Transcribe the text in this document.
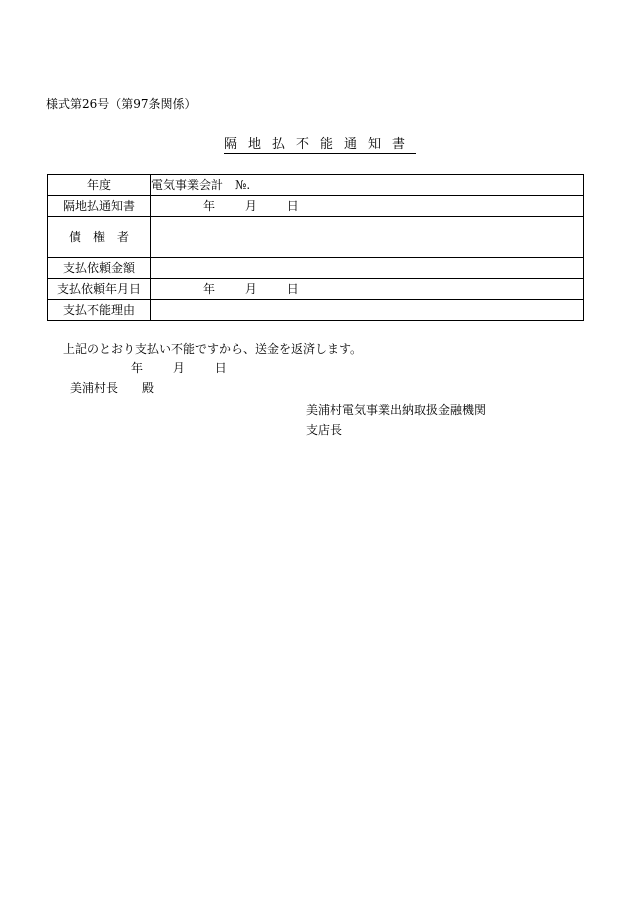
様式第26号（第97条関係）
隔地払不能通知書
年度	電気事業会計　№.
隔地払通知書	年 月 日
債　権　者	
支払依頼金額	
支払依頼年月日	年 月 日
支払不能理由	
上記のとおり支払い不能ですから、送金を返済します。
年 月 日
美浦村長　　殿
美浦村電気事業出納取扱金融機関
支店長
